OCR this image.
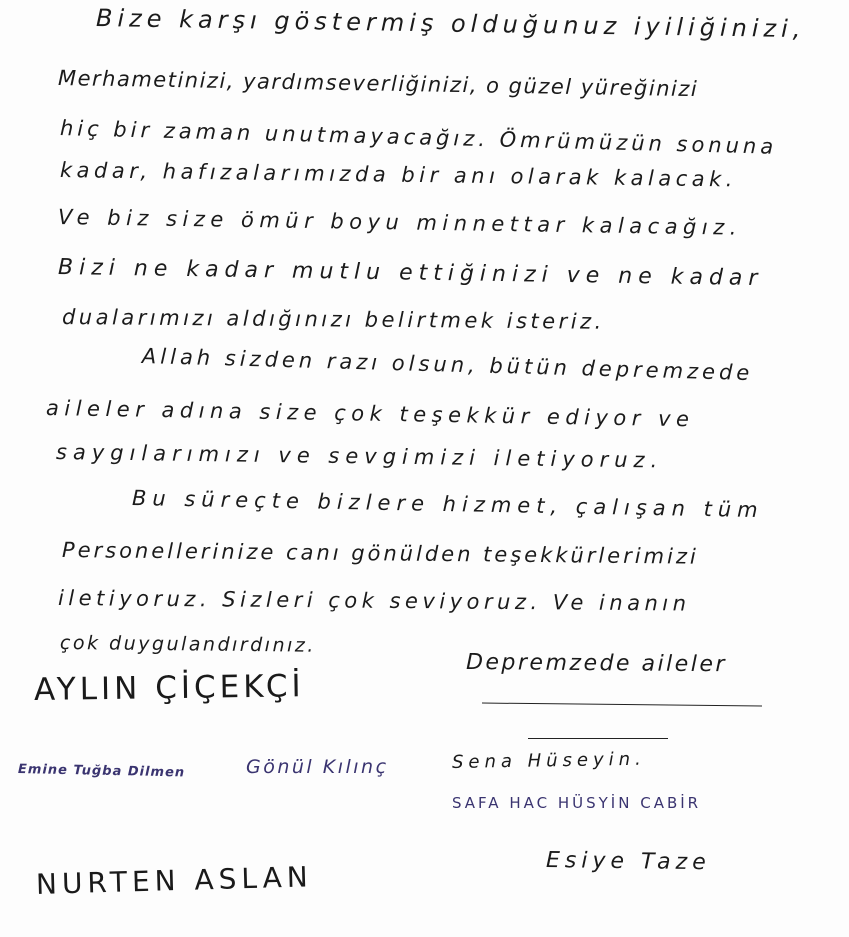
Bize karşı göstermiş olduğunuz iyiliğinizi,
Merhametinizi, yardımseverliğinizi, o güzel yüreğinizi
hiç bir zaman unutmayacağız. Ömrümüzün sonuna
kadar, hafızalarımızda bir anı olarak kalacak.
Ve biz size ömür boyu minnettar kalacağız.
Bizi ne kadar mutlu ettiğinizi ve ne kadar
dualarımızı aldığınızı belirtmek isteriz.
Allah sizden razı olsun, bütün depremzede
aileler adına size çok teşekkür ediyor ve
saygılarımızı ve sevgimizi iletiyoruz.
Bu süreçte bizlere hizmet, çalışan tüm
Personellerinize canı gönülden teşekkürlerimizi
iletiyoruz. Sizleri çok seviyoruz. Ve inanın
çok duygulandırdınız.
Depremzede aileler
AYLIN ÇİÇEKÇİ
Emine Tuğba Dilmen	Gönül Kılınç	Sena Hüseyin.
SAFA HAC HÜSYİN CABİR
Esiye Taze
NURTEN ASLAN
